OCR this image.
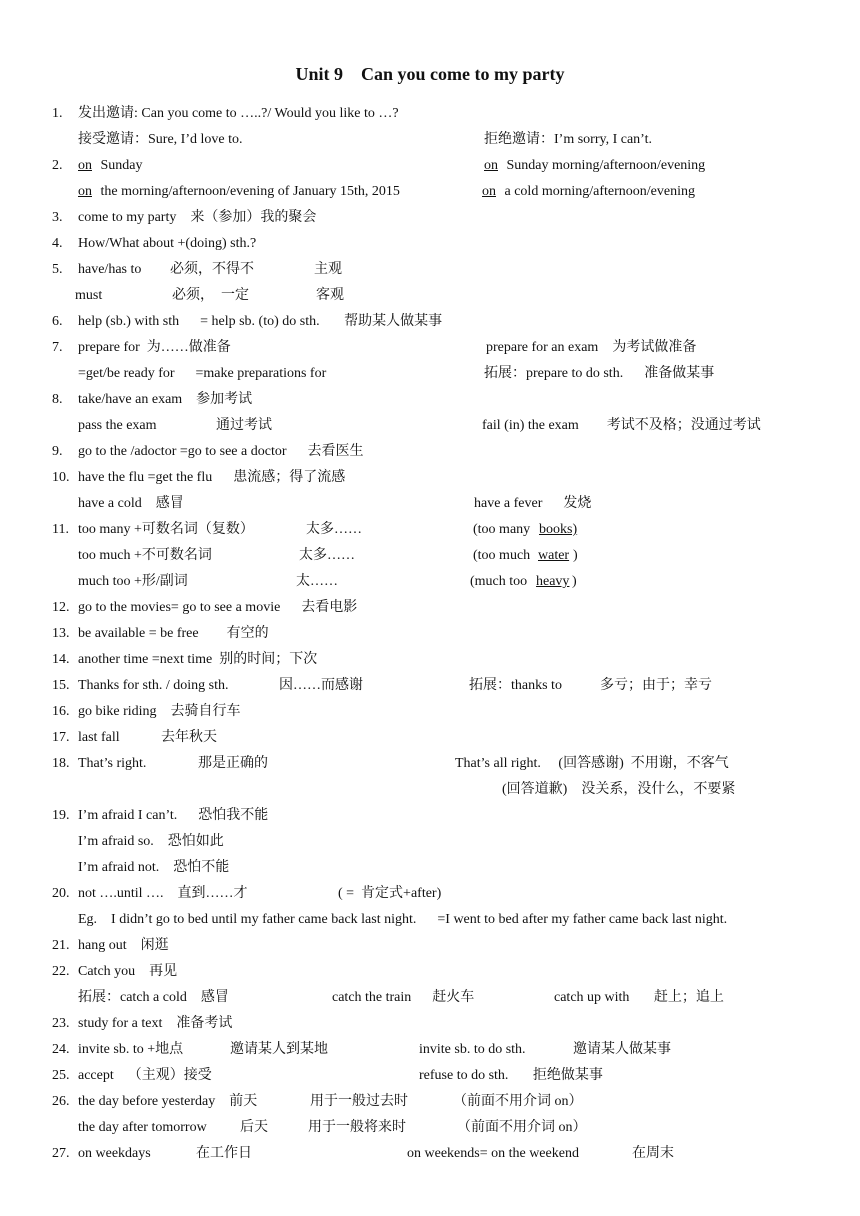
Unit 9    Can you come to my party
1. 发出邀请: Can you come to …..?/ Would you like to …?
接受邀请：Sure, I’d love to.	拒绝邀请：I’m sorry, I can’t.
2. on Sunday	on Sunday morning/afternoon/evening
on the morning/afternoon/evening of January 15th, 2015	on a cold morning/afternoon/evening
3. come to my party    来（参加）我的聚会
4. How/What about +(doing) sth.?
5. have/has to 必须，不得不	主观
must	必须，  一定	客观
6. help (sb.) with sth      = help sb. (to) do sth.       帮助某人做某事
7. prepare for  为……做准备	prepare for an exam    为考试做准备
=get/be ready for      =make preparations for	拓展：prepare to do sth.      准备做某事
8. take/have an exam    参加考试
pass the exam	通过考试	fail (in) the exam        考试不及格；没通过考试
9. go to the /adoctor =go to see a doctor      去看医生
10. have the flu =get the flu      患流感；得了流感
have a cold    感冒	have a fever      发烧
11. too many +可数名词（复数）	太多……	(too many books)
too much +不可数名词	太多……	(too much water )
much too +形/副词	太……	(much too heavy )
12. go to the movies= go to see a movie      去看电影
13. be available = be free        有空的
14. another time =next time  别的时间；下次
15. Thanks for sth. / doing sth.	因……而感谢	拓展：thanks to	多亏；由于；幸亏
16. go bike riding    去骑自行车
17. last fall	去年秋天
18. That’s right.	那是正确的	That’s all right.     (回答感谢)  不用谢，不客气
(回答道歉)    没关系，没什么，不要紧
19. I’m afraid I can’t.      恐怕我不能
I’m afraid so.    恐怕如此
I’m afraid not.    恐怕不能
20. not ….until ….    直到……才	( =  肯定式+after)
Eg.    I didn’t go to bed until my father came back last night.      =I went to bed after my father came back last night.
21. hang out    闲逛
22. Catch you    再见
拓展：catch a cold    感冒	catch the train      赶火车	catch up with       赶上；追上
23. study for a text    准备考试
24. invite sb. to +地点	邀请某人到某地	invite sb. to do sth.	邀请某人做某事
25. accept    （主观）接受	refuse to do sth.       拒绝做某事
26. the day before yesterday    前天	用于一般过去时	（前面不用介词 on）
the day after tomorrow 后天	用于一般将来时	（前面不用介词 on）
27. on weekdays	在工作日	on weekends= on the weekend	在周末
